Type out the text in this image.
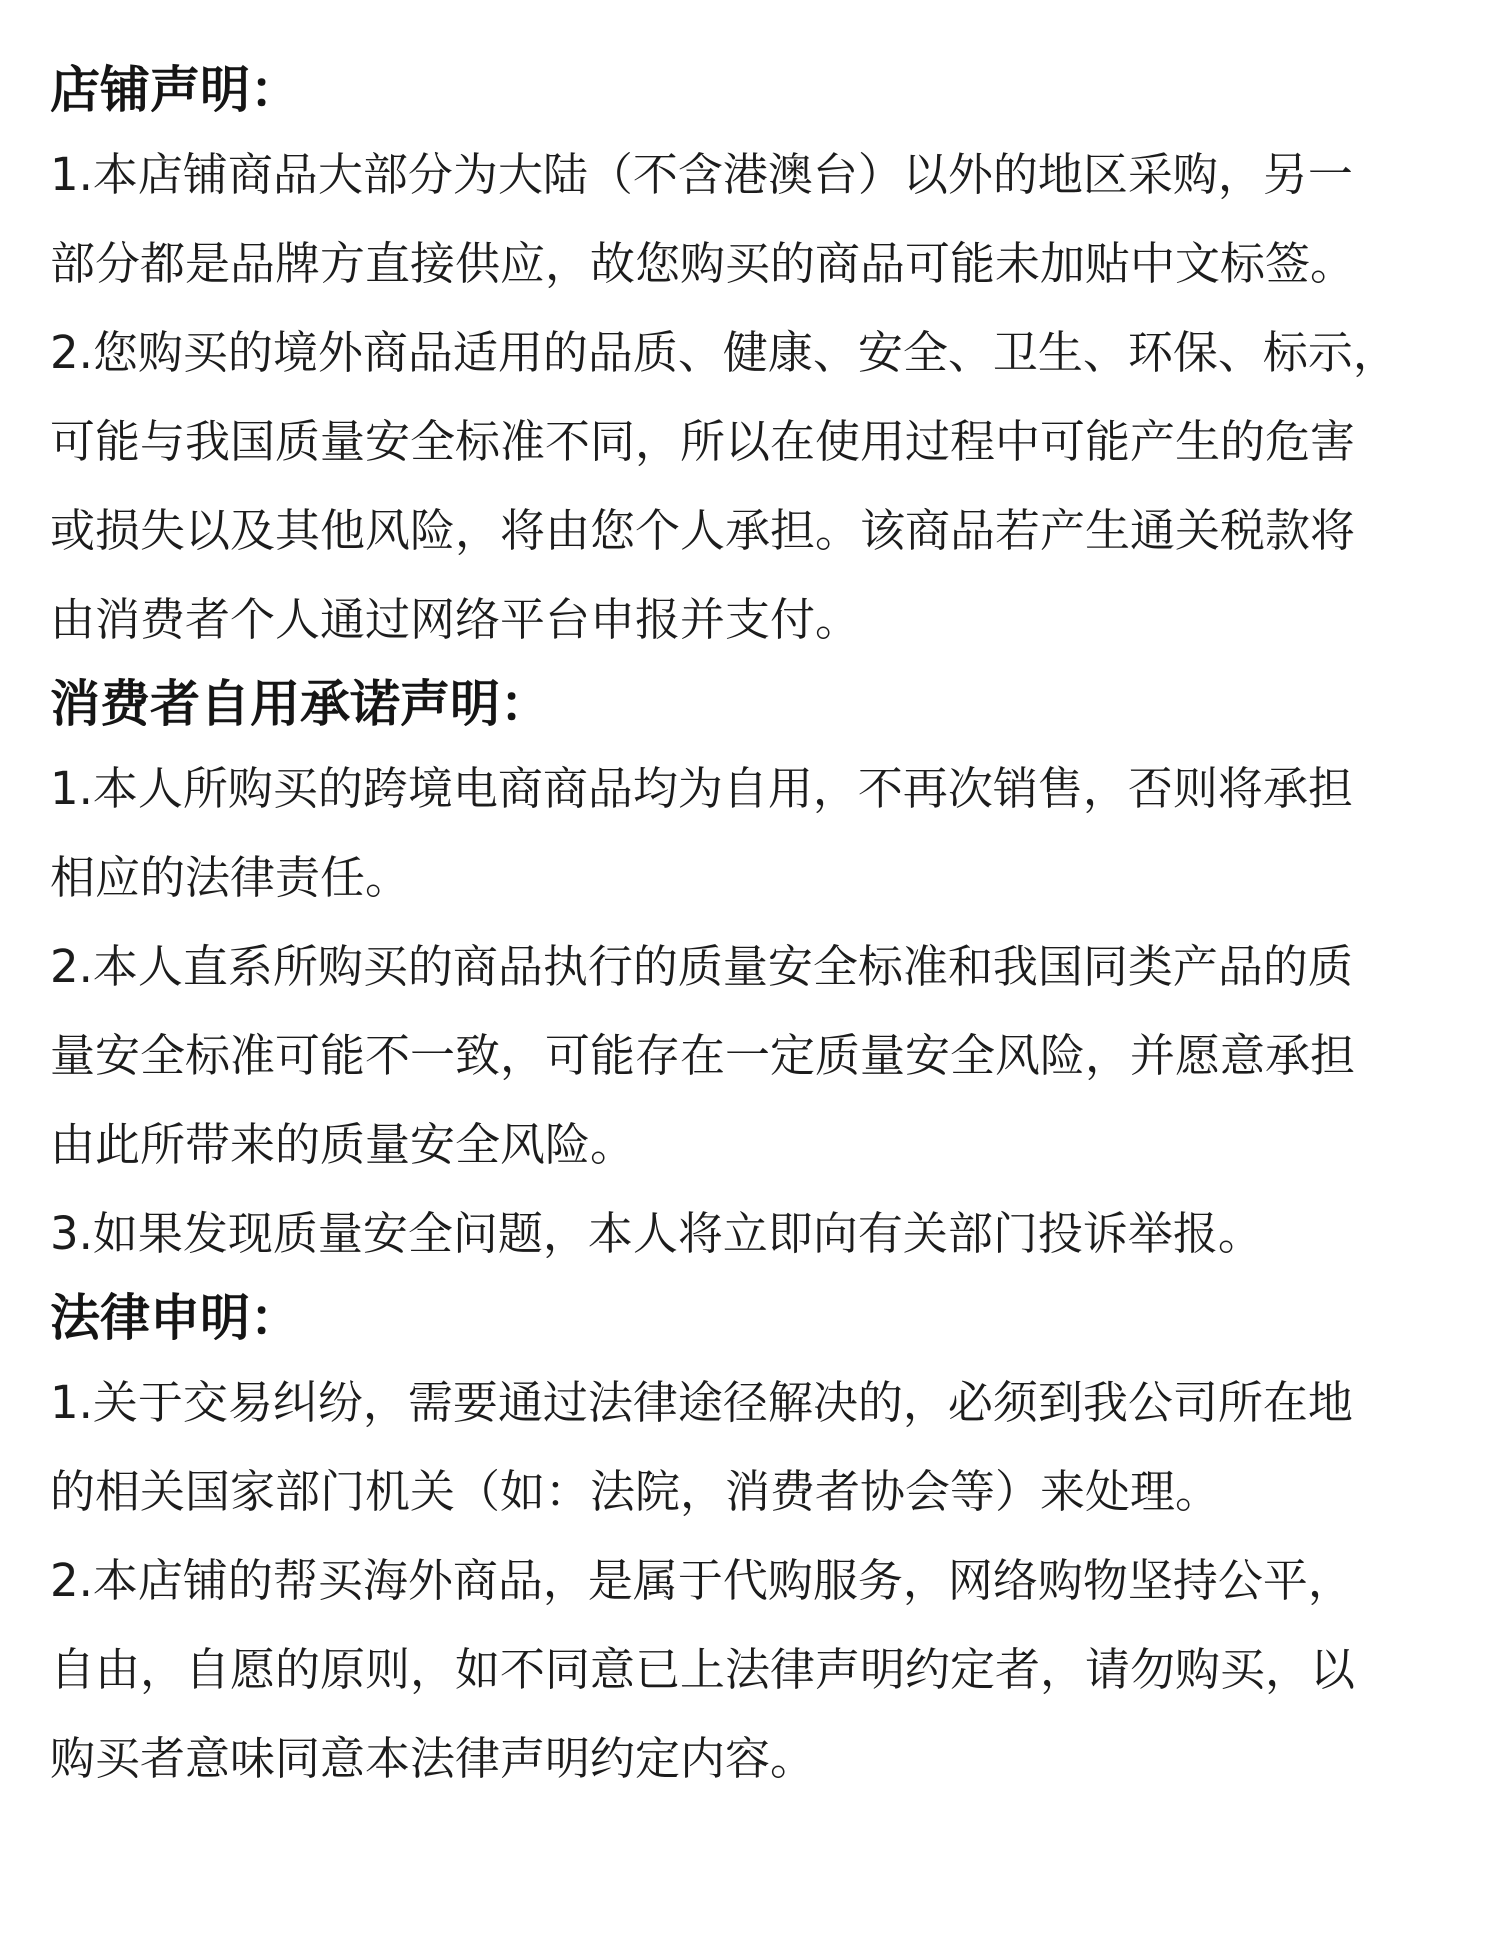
店铺声明：

1.本店铺商品大部分为大陆（不含港澳台）以外的地区采购，另一
部分都是品牌方直接供应，故您购买的商品可能未加贴中文标签。

2.您购买的境外商品适用的品质、健康、安全、卫生、环保、标示，
可能与我国质量安全标准不同，所以在使用过程中可能产生的危害
或损失以及其他风险，将由您个人承担。该商品若产生通关税款将
由消费者个人通过网络平台申报并支付。

消费者自用承诺声明：

1.本人所购买的跨境电商商品均为自用，不再次销售，否则将承担
相应的法律责任。

2.本人直系所购买的商品执行的质量安全标准和我国同类产品的质
量安全标准可能不一致，可能存在一定质量安全风险，并愿意承担
由此所带来的质量安全风险。

3.如果发现质量安全问题，本人将立即向有关部门投诉举报。

法律申明：

1.关于交易纠纷，需要通过法律途径解决的，必须到我公司所在地
的相关国家部门机关（如：法院，消费者协会等）来处理。

2.本店铺的帮买海外商品，是属于代购服务，网络购物坚持公平，
自由，自愿的原则，如不同意已上法律声明约定者，请勿购买，以
购买者意味同意本法律声明约定内容。
